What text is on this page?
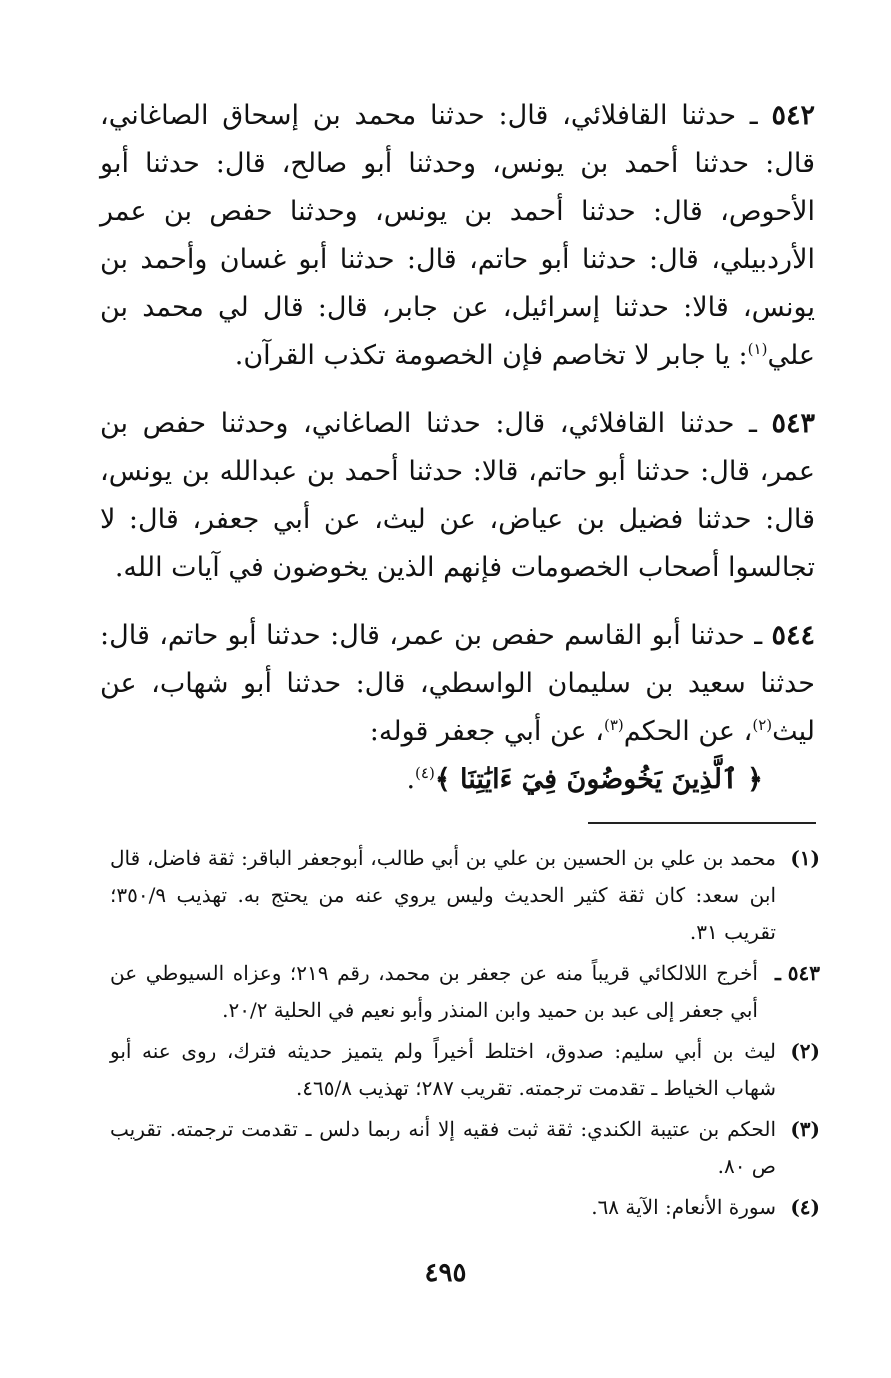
٥٤٢ ـ حدثنا القافلائي، قال: حدثنا محمد بن إسحاق الصاغاني، قال: حدثنا أحمد بن يونس، وحدثنا أبو صالح، قال: حدثنا أبو الأحوص، قال: حدثنا أحمد بن يونس، وحدثنا حفص بن عمر الأردبيلي، قال: حدثنا أبو حاتم، قال: حدثنا أبو غسان وأحمد بن يونس، قالا: حدثنا إسرائيل، عن جابر، قال: قال لي محمد بن علي$^{(١)}$: يا جابر لا تخاصم فإن الخصومة تكذب القرآن.

٥٤٣ ـ حدثنا القافلائي، قال: حدثنا الصاغاني، وحدثنا حفص بن عمر، قال: حدثنا أبو حاتم، قالا: حدثنا أحمد بن عبدالله بن يونس، قال: حدثنا فضيل بن عياض، عن ليث، عن أبي جعفر، قال: لا تجالسوا أصحاب الخصومات فإنهم الذين يخوضون في آيات الله.

٥٤٤ ـ حدثنا أبو القاسم حفص بن عمر، قال: حدثنا أبو حاتم، قال: حدثنا سعيد بن سليمان الواسطي، قال: حدثنا أبو شهاب، عن ليث$^{(٢)}$، عن الحكم$^{(٣)}$، عن أبي جعفر قوله:
﴿ ٱلَّذِينَ يَخُوضُونَ فِيٓ ءَايَٰتِنَا ﴾$^{(٤)}$.

(١)
محمد بن علي بن الحسين بن علي بن أبي طالب، أبوجعفر الباقر: ثقة فاضل، قال ابن سعد: كان ثقة كثير الحديث وليس يروي عنه من يحتج به. تهذيب ٣٥٠/٩؛ تقريب ٣١.
٥٤٣ ـ
أخرج اللالكائي قريباً منه عن جعفر بن محمد، رقم ٢١٩؛ وعزاه السيوطي عن أبي جعفر إلى عبد بن حميد وابن المنذر وأبو نعيم في الحلية ٢٠/٢.
(٢)
ليث بن أبي سليم: صدوق، اختلط أخيراً ولم يتميز حديثه فترك، روى عنه أبو شهاب الخياط ـ تقدمت ترجمته. تقريب ٢٨٧؛ تهذيب ٤٦٥/٨.
(٣)
الحكم بن عتيبة الكندي: ثقة ثبت فقيه إلا أنه ربما دلس ـ تقدمت ترجمته. تقريب ص ٨٠.
(٤)
سورة الأنعام: الآية ٦٨.
٤٩٥
